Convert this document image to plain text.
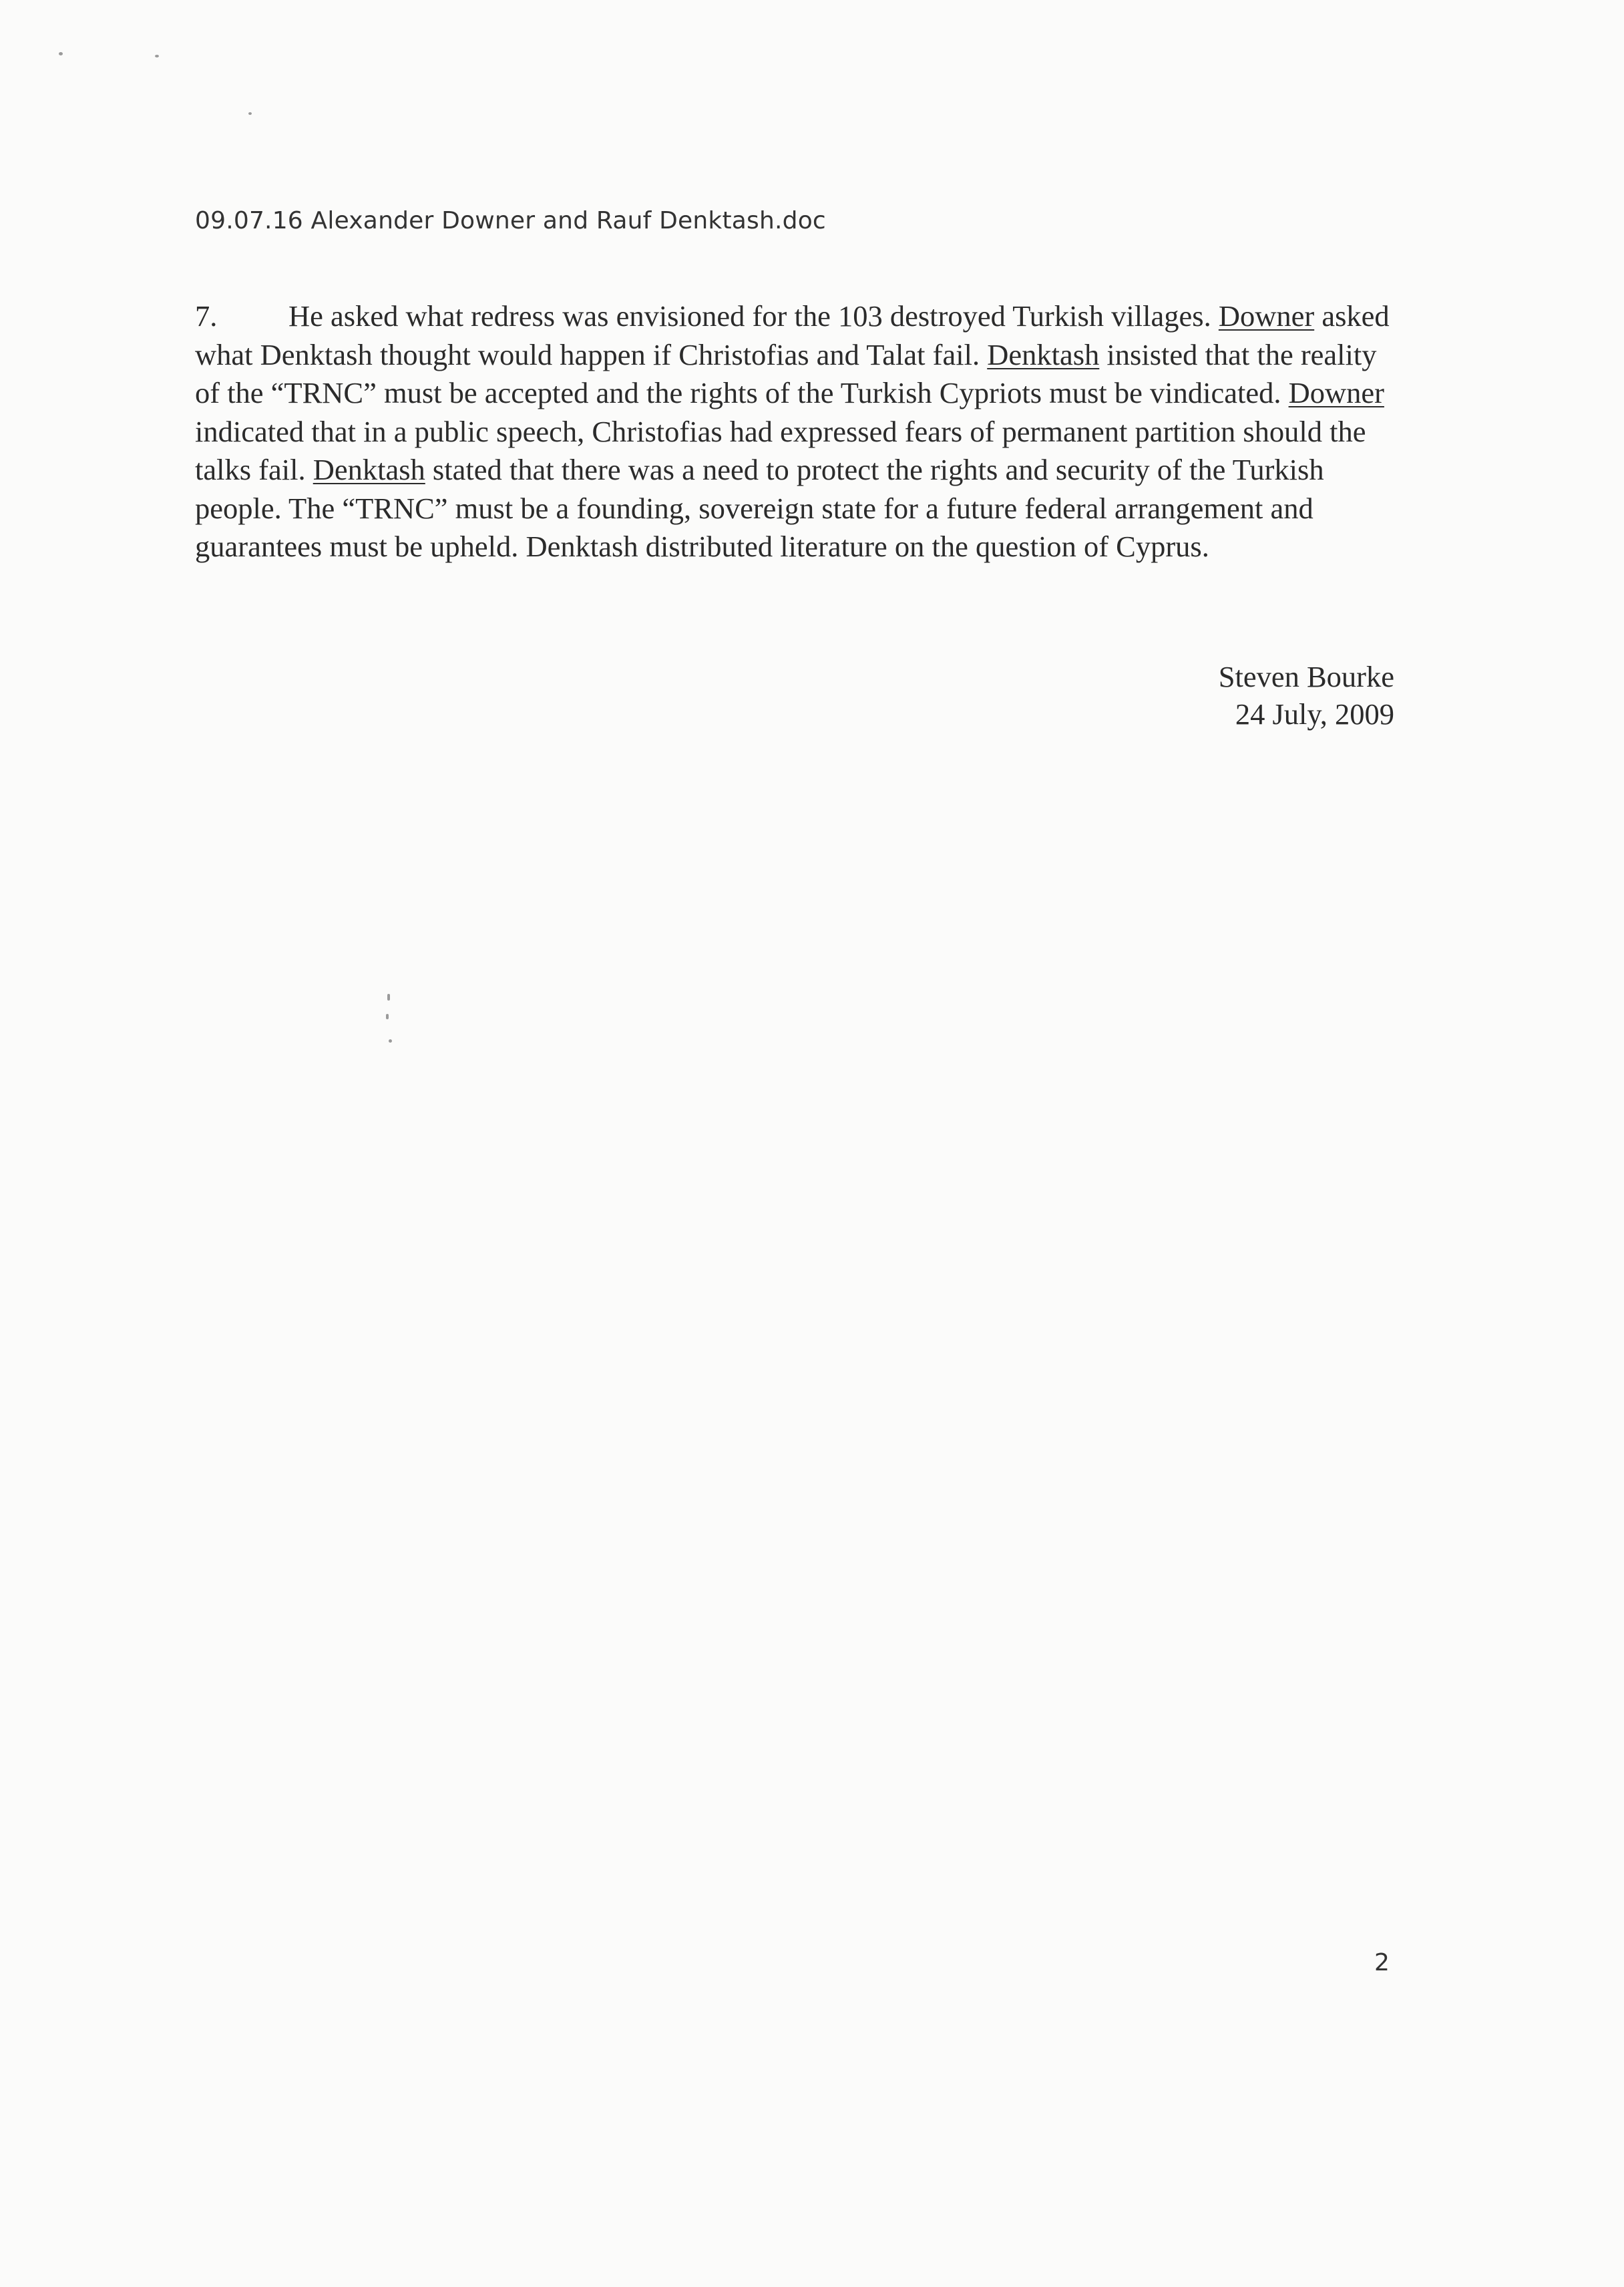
09.07.16 Alexander Downer and Rauf Denktash.doc
7. He asked what redress was envisioned for the 103 destroyed Turkish villages. Downer asked what Denktash thought would happen if Christofias and Talat fail. Denktash insisted that the reality of the “TRNC” must be accepted and the rights of the Turkish Cypriots must be vindicated. Downer indicated that in a public speech, Christofias had expressed fears of permanent partition should the talks fail. Denktash stated that there was a need to protect the rights and security of the Turkish people. The “TRNC” must be a founding, sovereign state for a future federal arrangement and guarantees must be upheld. Denktash distributed literature on the question of Cyprus.
Steven Bourke
24 July, 2009
2
